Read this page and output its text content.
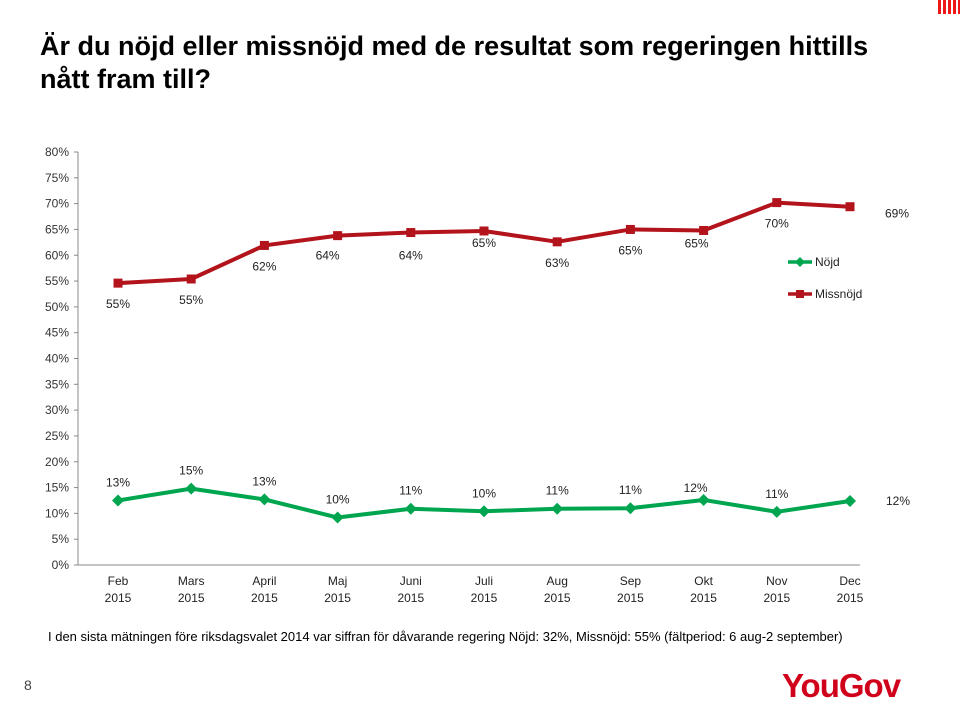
Är du nöjd eller missnöjd med de resultat som regeringen hittills nått fram till?
0%
5%
10%
15%
20%
25%
30%
35%
40%
45%
50%
55%
60%
65%
70%
75%
80%
Feb
2015
Mars
2015
April
2015
Maj
2015
Juni
2015
Juli
2015
Aug
2015
Sep
2015
Okt
2015
Nov
2015
Dec
2015
13%
15%
13%
10%
11%	10%	11%	11%	12%	11%
12%
55%	55%
62%
64%	64%
65%
63%
65%	65%
70%
69%
Nöjd
Missnöjd

I den sista mätningen före riksdagsvalet 2014 var siffran för dåvarande regering Nöjd: 32%, Missnöjd: 55% (fältperiod: 6 aug-2 september)

8	YouGov
